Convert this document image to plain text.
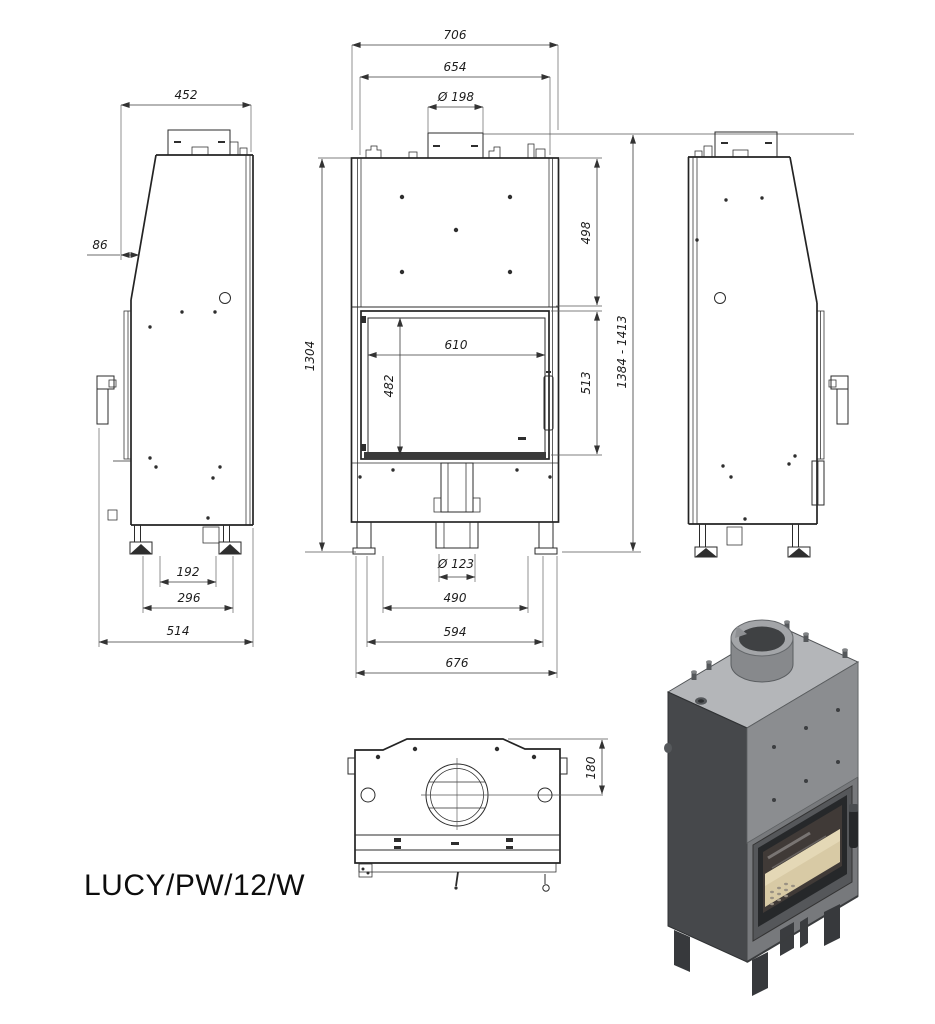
452
86
192
296
514
706
654
Ø 198
610
482
1304
498
513 1384 - 1413
Ø 123
490
594
676
180
LUCY/PW/12/W
